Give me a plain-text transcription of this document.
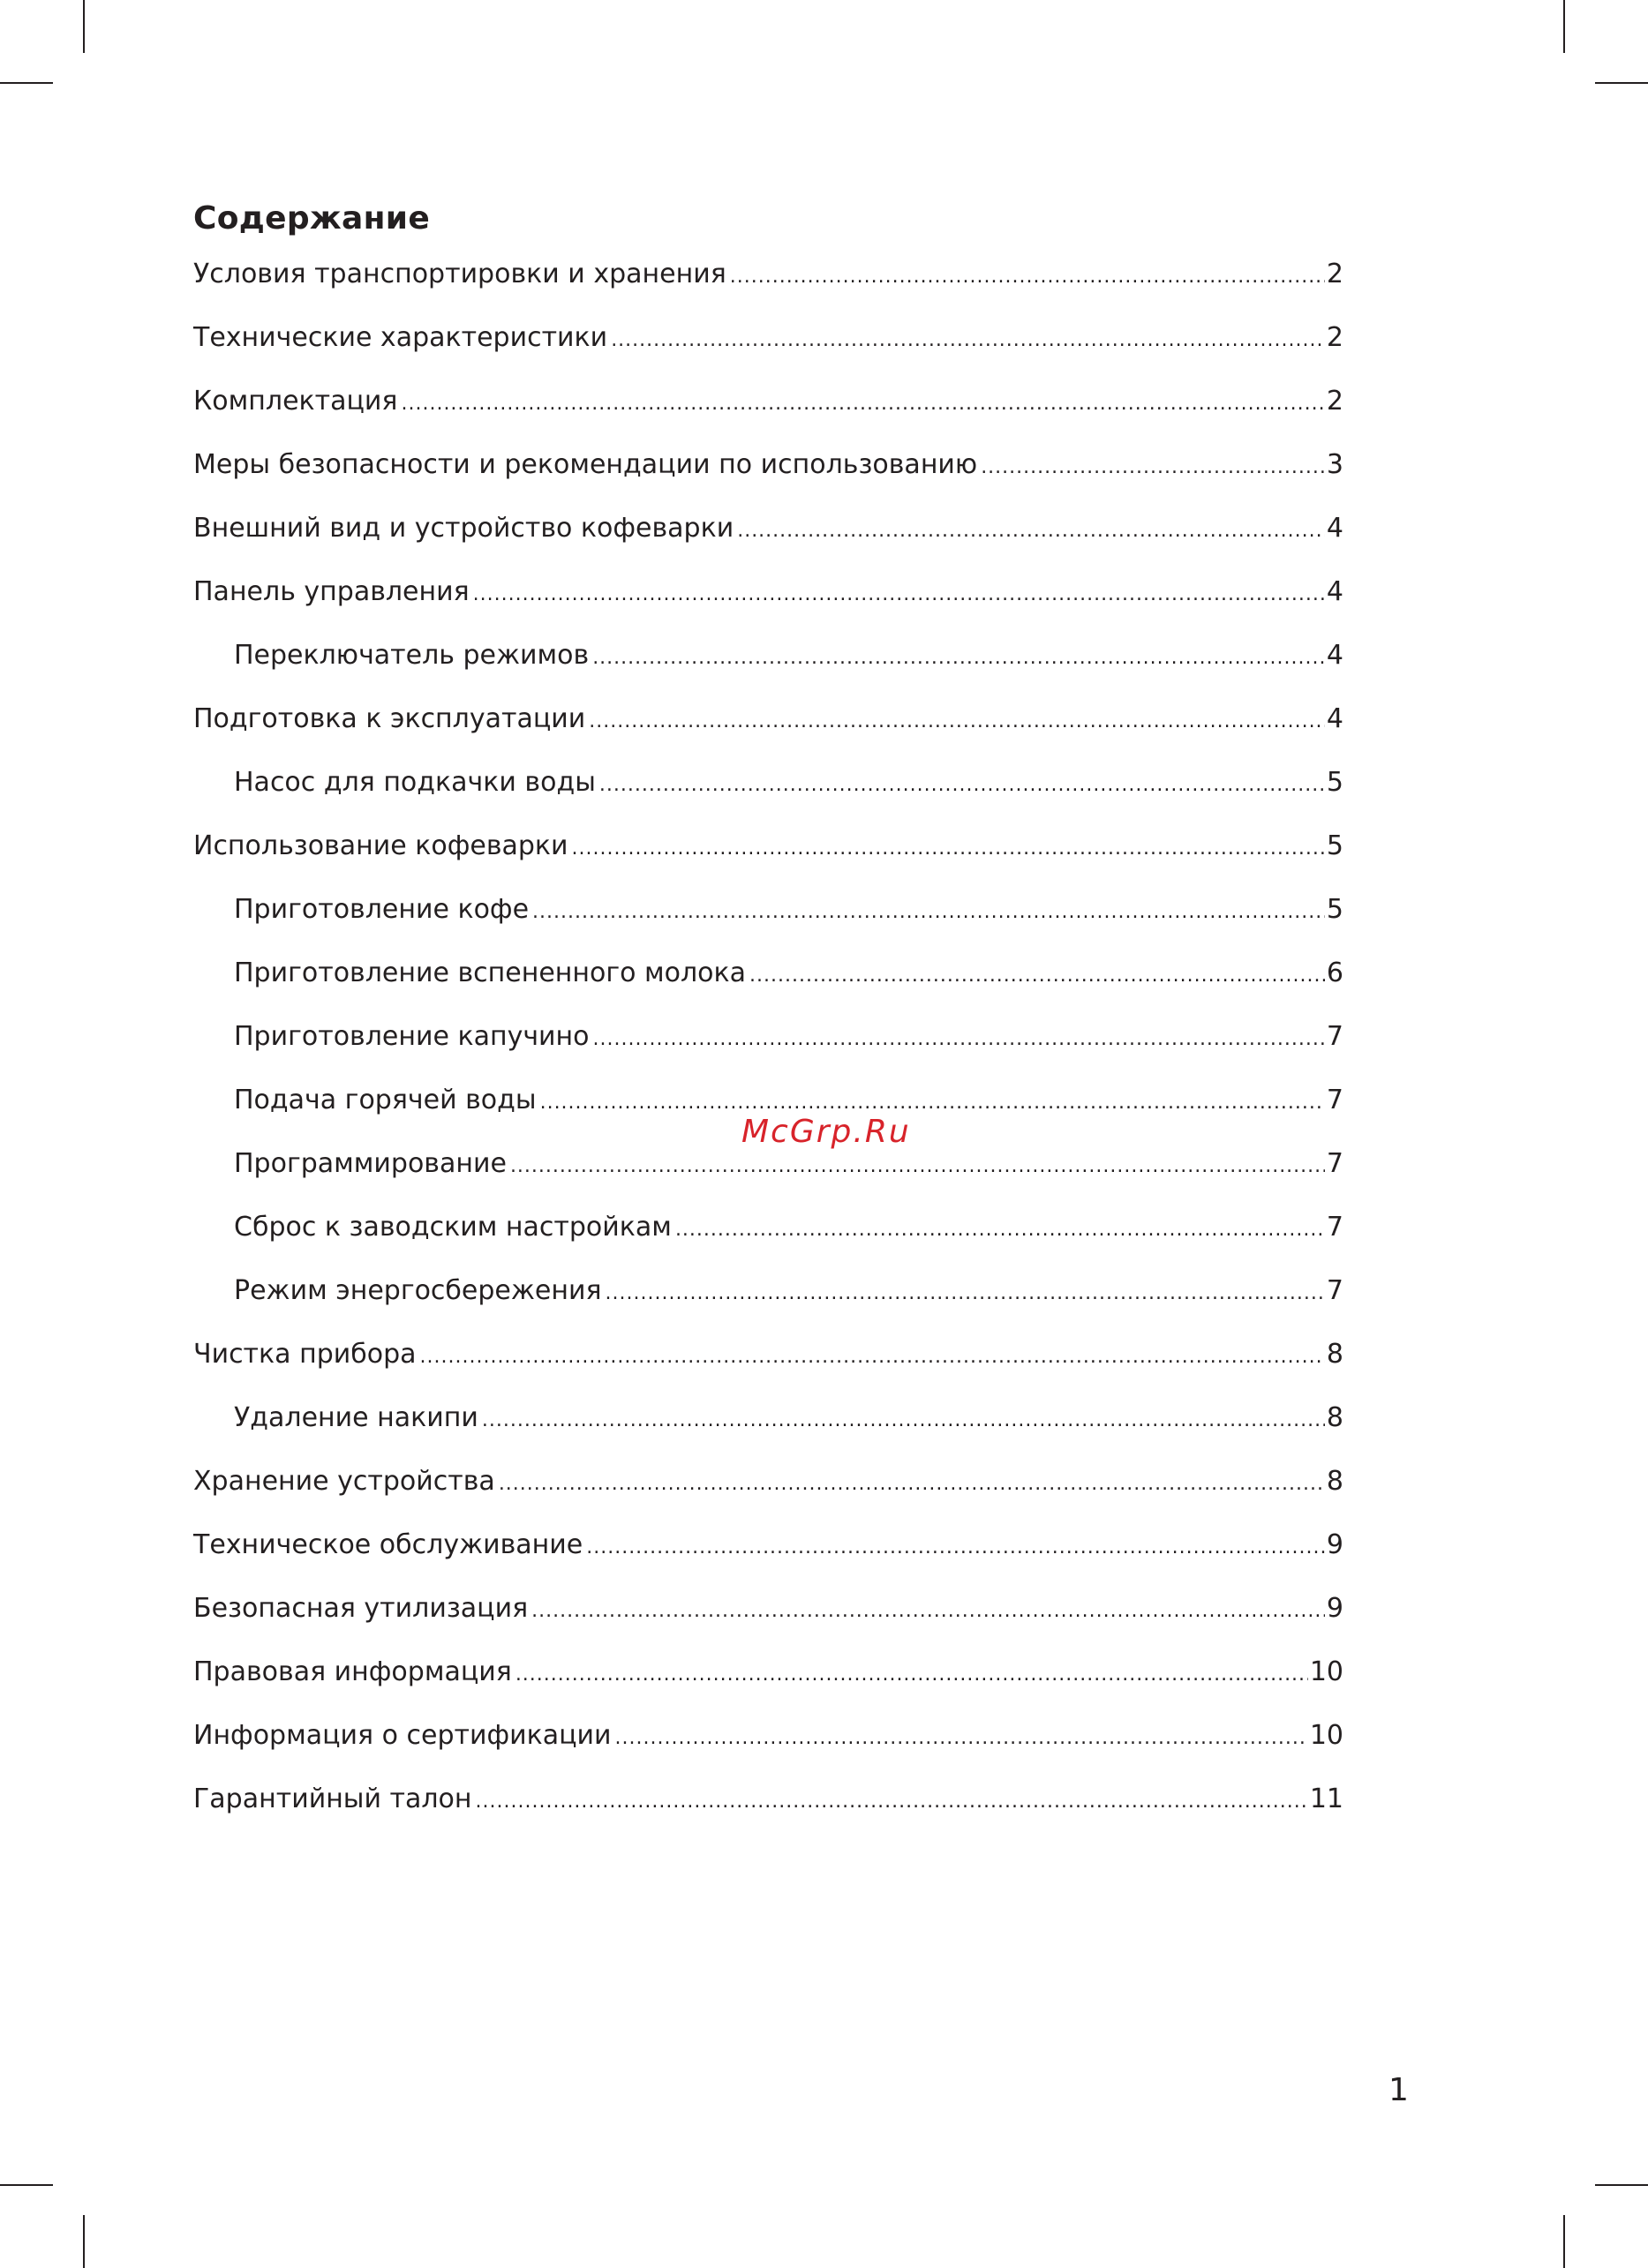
Содержание
Условия транспортировки и хранения .....	2
Технические характеристики .....	2
Комплектация .....	2
Меры безопасности и рекомендации по использованию .....	3
Внешний вид и устройство кофеварки .....	4
Панель управления .....	4
Переключатель режимов .....	4
Подготовка к эксплуатации .....	4
Насос для подкачки воды .....	5
Использование кофеварки .....	5
Приготовление кофе .....	5
Приготовление вспененного молока .....	6
Приготовление капучино .....	7
Подача горячей воды .....	7
Программирование .....	7
Сброс к заводским настройкам .....	7
Режим энергосбережения .....	7
Чистка прибора .....	8
Удаление накипи .....	8
Хранение устройства .....	8
Техническое обслуживание .....	9
Безопасная утилизация .....	9
Правовая информация .....	10
Информация о сертификации .....	10
Гарантийный талон .....	11
McGrp.Ru
1
